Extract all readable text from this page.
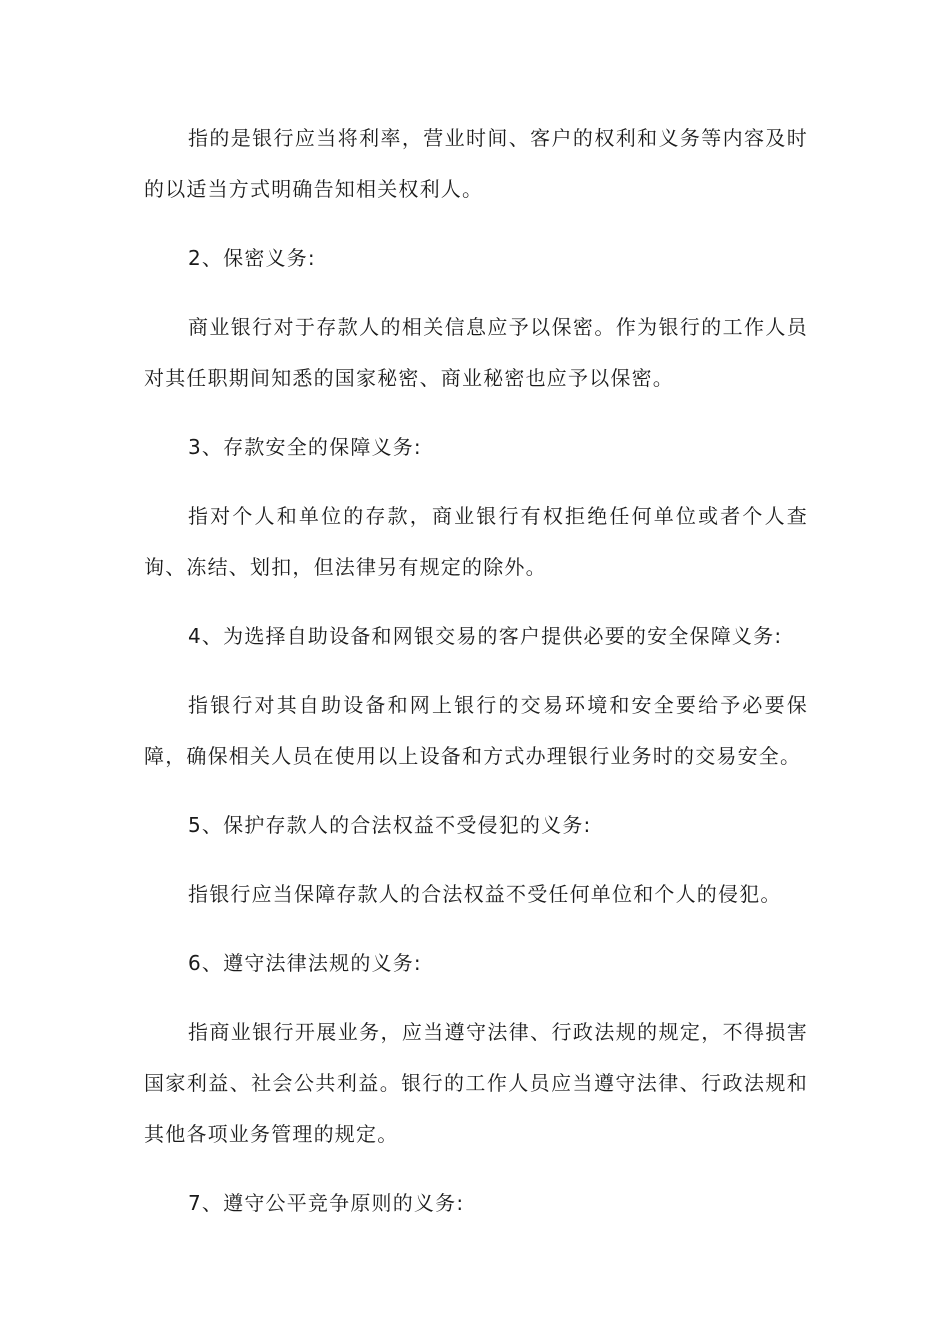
指的是银行应当将利率，营业时间、客户的权利和义务等内容及时的以适当方式明确告知相关权利人。

2、保密义务:

商业银行对于存款人的相关信息应予以保密。作为银行的工作人员对其任职期间知悉的国家秘密、商业秘密也应予以保密。

3、存款安全的保障义务:

指对个人和单位的存款，商业银行有权拒绝任何单位或者个人查询、冻结、划扣，但法律另有规定的除外。

4、为选择自助设备和网银交易的客户提供必要的安全保障义务:

指银行对其自助设备和网上银行的交易环境和安全要给予必要保障，确保相关人员在使用以上设备和方式办理银行业务时的交易安全。

5、保护存款人的合法权益不受侵犯的义务:

指银行应当保障存款人的合法权益不受任何单位和个人的侵犯。

6、遵守法律法规的义务:

指商业银行开展业务，应当遵守法律、行政法规的规定，不得损害国家利益、社会公共利益。银行的工作人员应当遵守法律、行政法规和其他各项业务管理的规定。

7、遵守公平竞争原则的义务:
